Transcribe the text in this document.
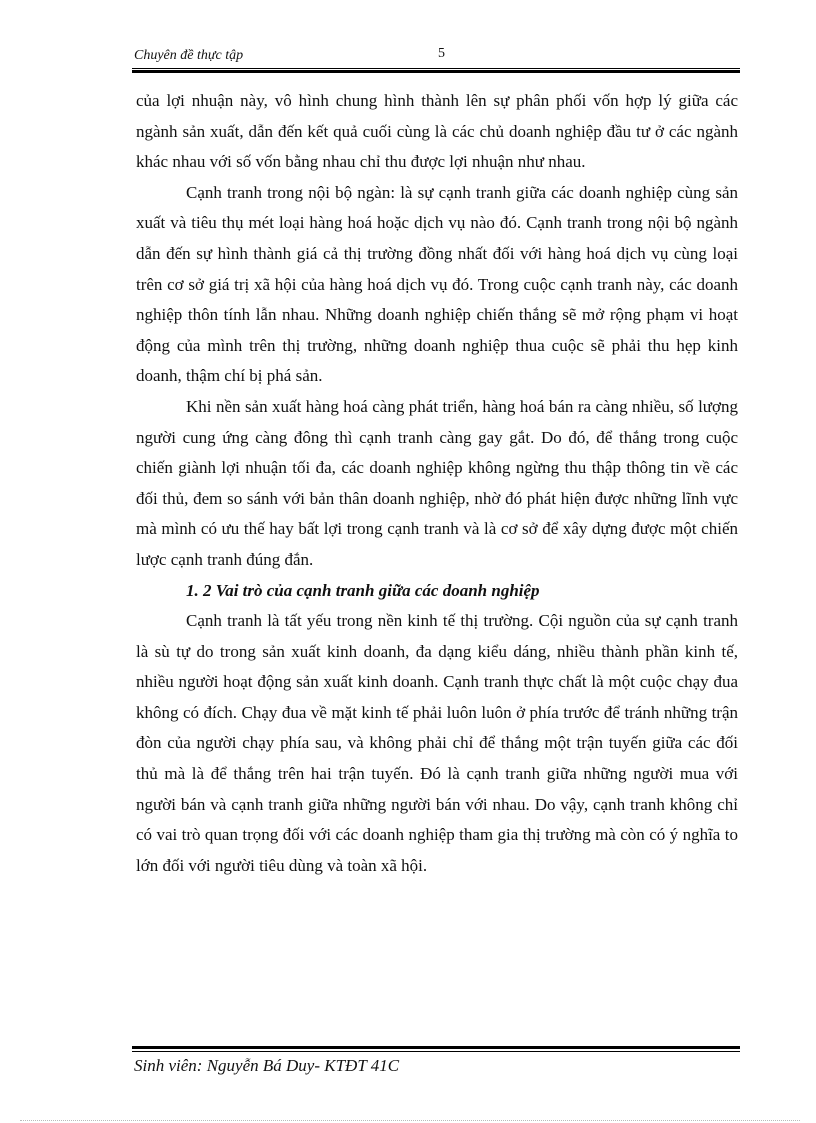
Chuyên đề thực tập	5

của lợi nhuận này, vô hình chung hình thành lên sự phân phối vốn hợp lý giữa các ngành sản xuất, dẫn đến kết quả cuối cùng là các chủ doanh nghiệp đầu tư ở các ngành khác nhau với số vốn bằng nhau chỉ thu được lợi nhuận như nhau.

Cạnh tranh trong nội bộ ngàn: là sự cạnh tranh giữa các doanh nghiệp cùng sản xuất và tiêu thụ mét loại hàng hoá hoặc dịch vụ nào đó. Cạnh tranh trong nội bộ ngành dẫn đến sự hình thành giá cả thị trường đồng nhất đối với hàng hoá dịch vụ cùng loại trên cơ sở giá trị xã hội của hàng hoá dịch vụ đó. Trong cuộc cạnh tranh này, các doanh nghiệp thôn tính lẫn nhau. Những doanh nghiệp chiến thắng sẽ mở rộng phạm vi hoạt động của mình trên thị trường, những doanh nghiệp thua cuộc sẽ phải thu hẹp kinh doanh, thậm chí bị phá sản.

Khi nền sản xuất hàng hoá càng phát triển, hàng hoá bán ra càng nhiều, số lượng người cung ứng càng đông thì cạnh tranh càng gay gắt. Do đó, để thắng trong cuộc chiến giành lợi nhuận tối đa, các doanh nghiệp không ngừng thu thập thông tin về các đối thủ, đem so sánh với bản thân doanh nghiệp, nhờ đó phát hiện được những lĩnh vực mà mình có ưu thế hay bất lợi trong cạnh tranh và là cơ sở để xây dựng được một chiến lược cạnh tranh đúng đắn.

1. 2 Vai trò của cạnh tranh giữa các doanh nghiệp

Cạnh tranh là tất yếu trong nền kinh tế thị trường. Cội nguồn của sự cạnh tranh là sù tự do trong sản xuất kinh doanh, đa dạng kiểu dáng, nhiều thành phần kinh tế, nhiều người hoạt động sản xuất kinh doanh. Cạnh tranh thực chất là một cuộc chạy đua không có đích. Chạy đua về mặt kinh tế phải luôn luôn ở phía trước để tránh những trận đòn của người chạy phía sau, và không phải chỉ để thắng một trận tuyến giữa các đối thủ mà là để thắng trên hai trận tuyến. Đó là cạnh tranh giữa những người mua với người bán và cạnh tranh giữa những người bán với nhau. Do vậy, cạnh tranh không chỉ có vai trò quan trọng đối với các doanh nghiệp tham gia thị trường mà còn có ý nghĩa to lớn đối với người tiêu dùng và toàn xã hội.

Sinh viên: Nguyễn Bá Duy- KTĐT 41C
